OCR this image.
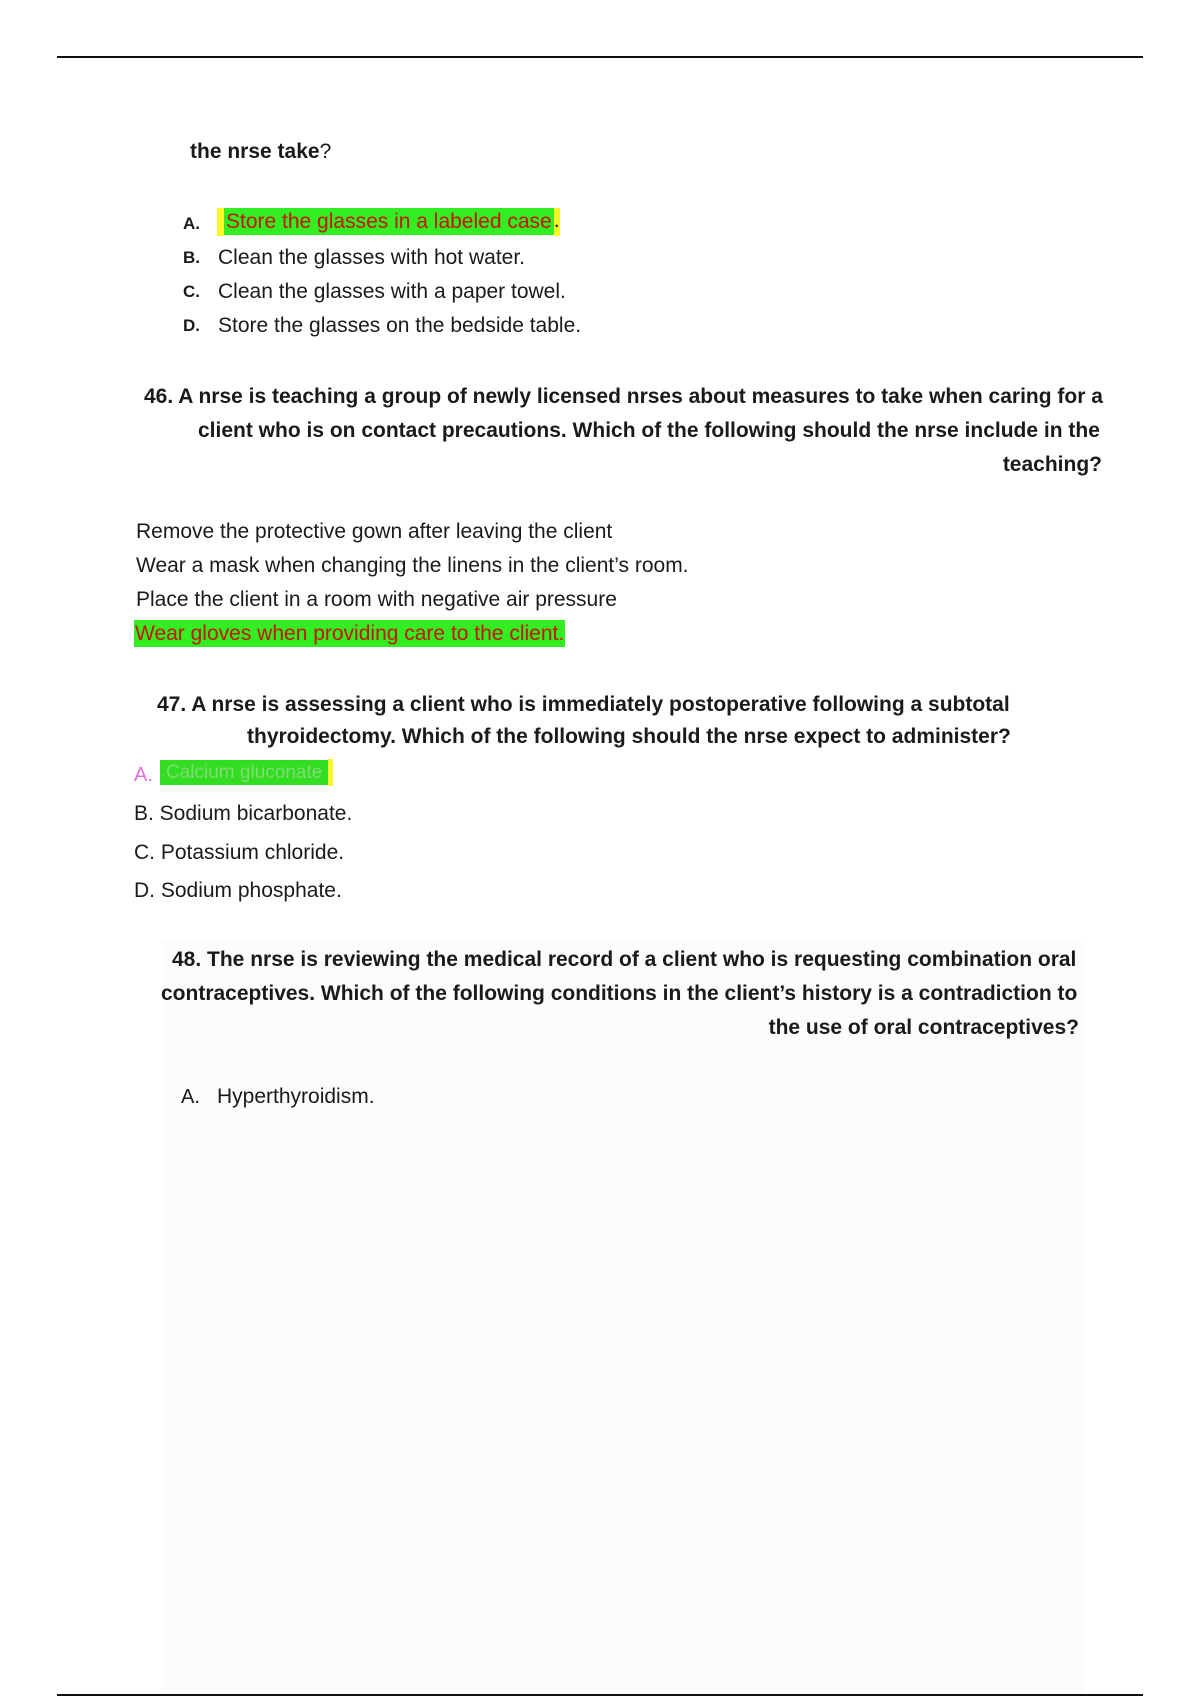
the nrse take?
A.	Store the glasses in a labeled case.
B. Clean the glasses with hot water.
C. Clean the glasses with a paper towel.
D. Store the glasses on the bedside table.
46. A nrse is teaching a group of newly licensed nrses about measures to take when caring for a
client who is on contact precautions. Which of the following should the nrse include in the
teaching?
Remove the protective gown after leaving the client
Wear a mask when changing the linens in the client’s room.
Place the client in a room with negative air pressure
Wear gloves when providing care to the client.
47. A nrse is assessing a client who is immediately postoperative following a subtotal
thyroidectomy. Which of the following should the nrse expect to administer?
A. Calcium gluconate
B. Sodium bicarbonate.
C. Potassium chloride.
D. Sodium phosphate.
48. The nrse is reviewing the medical record of a client who is requesting combination oral
contraceptives. Which of the following conditions in the client’s history is a contradiction to
the use of oral contraceptives?
A. Hyperthyroidism.
